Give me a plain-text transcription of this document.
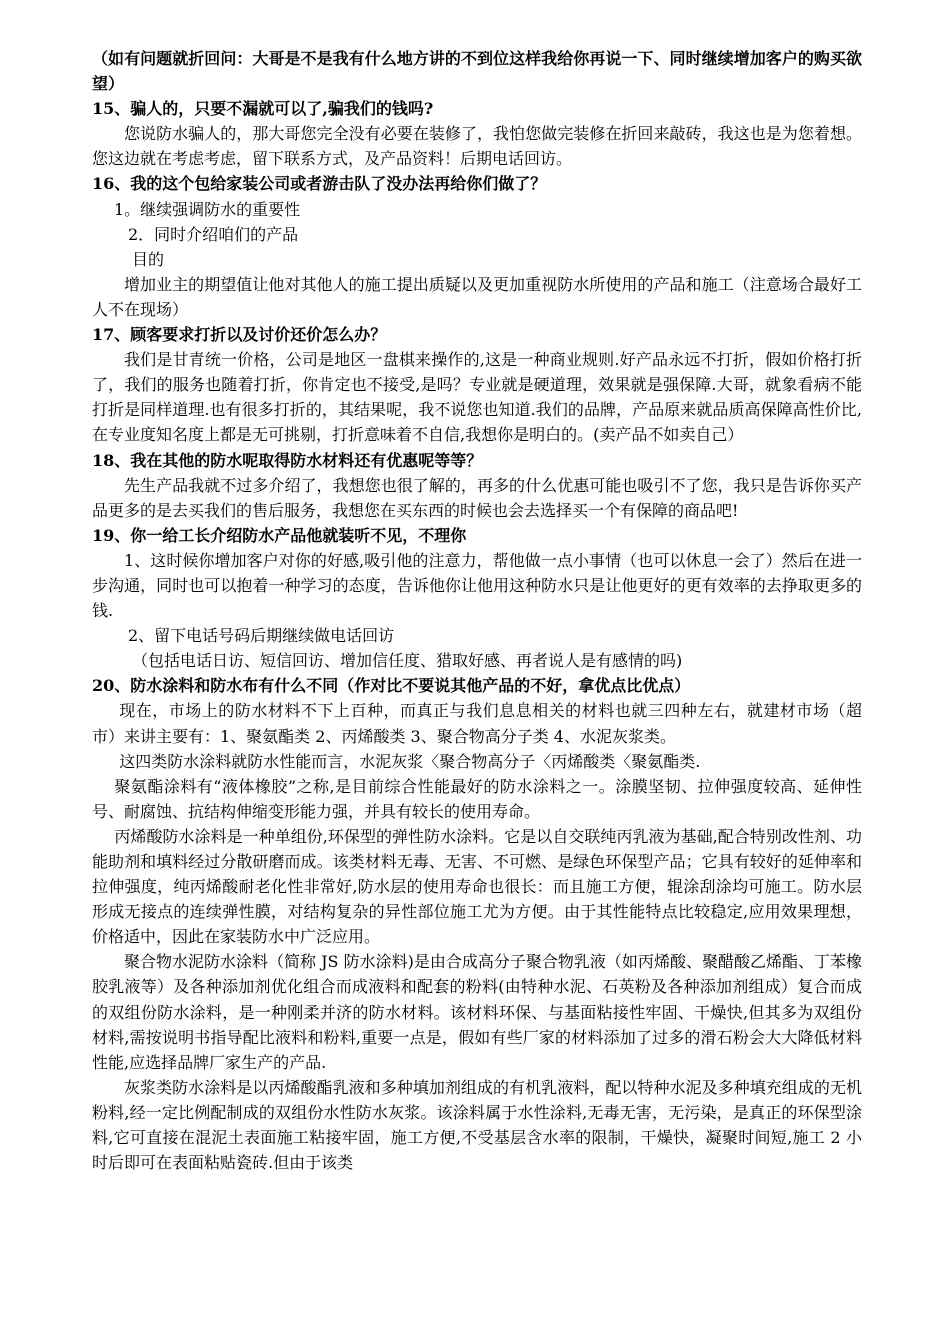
（如有问题就折回问：大哥是不是我有什么地方讲的不到位这样我给你再说一下、同时继续增加客户的购买欲望）

15、骗人的，只要不漏就可以了,骗我们的钱吗?

您说防水骗人的，那大哥您完全没有必要在装修了，我怕您做完装修在折回来敲砖，我这也是为您着想。您这边就在考虑考虑，留下联系方式，及产品资料！后期电话回访。

16、我的这个包给家装公司或者游击队了没办法再给你们做了？

1。继续强调防水的重要性

2．同时介绍咱们的产品

目的

增加业主的期望值让他对其他人的施工提出质疑以及更加重视防水所使用的产品和施工（注意场合最好工人不在现场）

17、顾客要求打折以及讨价还价怎么办？

我们是甘青统一价格，公司是地区一盘棋来操作的,这是一种商业规则.好产品永远不打折，假如价格打折了，我们的服务也随着打折，你肯定也不接受,是吗？专业就是硬道理，效果就是强保障.大哥，就象看病不能打折是同样道理.也有很多打折的，其结果呢，我不说您也知道.我们的品牌，产品原来就品质高保障高性价比,在专业度知名度上都是无可挑剔，打折意味着不自信,我想你是明白的。(卖产品不如卖自己）

18、我在其他的防水呢取得防水材料还有优惠呢等等？

先生产品我就不过多介绍了，我想您也很了解的，再多的什么优惠可能也吸引不了您，我只是告诉你买产品更多的是去买我们的售后服务，我想您在买东西的时候也会去选择买一个有保障的商品吧!

19、你一给工长介绍防水产品他就装听不见，不理你

1、这时候你增加客户对你的好感,吸引他的注意力，帮他做一点小事情（也可以休息一会了）然后在进一步沟通，同时也可以抱着一种学习的态度，告诉他你让他用这种防水只是让他更好的更有效率的去挣取更多的钱.

2、留下电话号码后期继续做电话回访

（包括电话日访、短信回访、增加信任度、猎取好感、再者说人是有感情的吗)

20、防水涂料和防水布有什么不同（作对比不要说其他产品的不好，拿优点比优点）

现在，市场上的防水材料不下上百种，而真正与我们息息相关的材料也就三四种左右，就建材市场（超市）来讲主要有：1、聚氨酯类 2、丙烯酸类 3、聚合物高分子类 4、水泥灰浆类。

这四类防水涂料就防水性能而言，水泥灰浆〈聚合物高分子〈丙烯酸类〈聚氨酯类.

聚氨酯涂料有“液体橡胶”之称,是目前综合性能最好的防水涂料之一。涂膜坚韧、拉伸强度较高、延伸性号、耐腐蚀、抗结构伸缩变形能力强，并具有较长的使用寿命。

丙烯酸防水涂料是一种单组份,环保型的弹性防水涂料。它是以自交联纯丙乳液为基础,配合特别改性剂、功能助剂和填料经过分散研磨而成。该类材料无毒、无害、不可燃、是绿色环保型产品；它具有较好的延伸率和拉伸强度，纯丙烯酸耐老化性非常好,防水层的使用寿命也很长：而且施工方便，辊涂刮涂均可施工。防水层形成无接点的连续弹性膜，对结构复杂的异性部位施工尤为方便。由于其性能特点比较稳定,应用效果理想，价格适中，因此在家装防水中广泛应用。

聚合物水泥防水涂料（简称 JS 防水涂料)是由合成高分子聚合物乳液（如丙烯酸、聚醋酸乙烯酯、丁苯橡胶乳液等）及各种添加剂优化组合而成液料和配套的粉料(由特种水泥、石英粉及各种添加剂组成）复合而成的双组份防水涂料，是一种刚柔并济的防水材料。该材料环保、与基面粘接性牢固、干燥快,但其多为双组份材料,需按说明书指导配比液料和粉料,重要一点是，假如有些厂家的材料添加了过多的滑石粉会大大降低材料性能,应选择品牌厂家生产的产品.

灰浆类防水涂料是以丙烯酸酯乳液和多种填加剂组成的有机乳液料，配以特种水泥及多种填充组成的无机粉料,经一定比例配制成的双组份水性防水灰浆。该涂料属于水性涂料,无毒无害，无污染，是真正的环保型涂料,它可直接在混泥土表面施工粘接牢固，施工方便,不受基层含水率的限制，干燥快，凝聚时间短,施工 2 小时后即可在表面粘贴瓷砖.但由于该类
